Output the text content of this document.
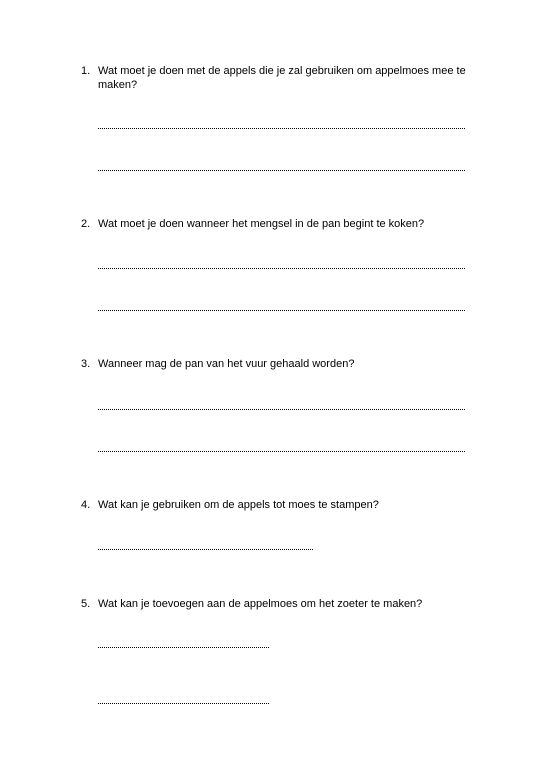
1. Wat moet je doen met de appels die je zal gebruiken om appelmoes mee te maken?
2. Wat moet je doen wanneer het mengsel in de pan begint te koken?
3. Wanneer mag de pan van het vuur gehaald worden?
4. Wat kan je gebruiken om de appels tot moes te stampen?
5. Wat kan je toevoegen aan de appelmoes om het zoeter te maken?
